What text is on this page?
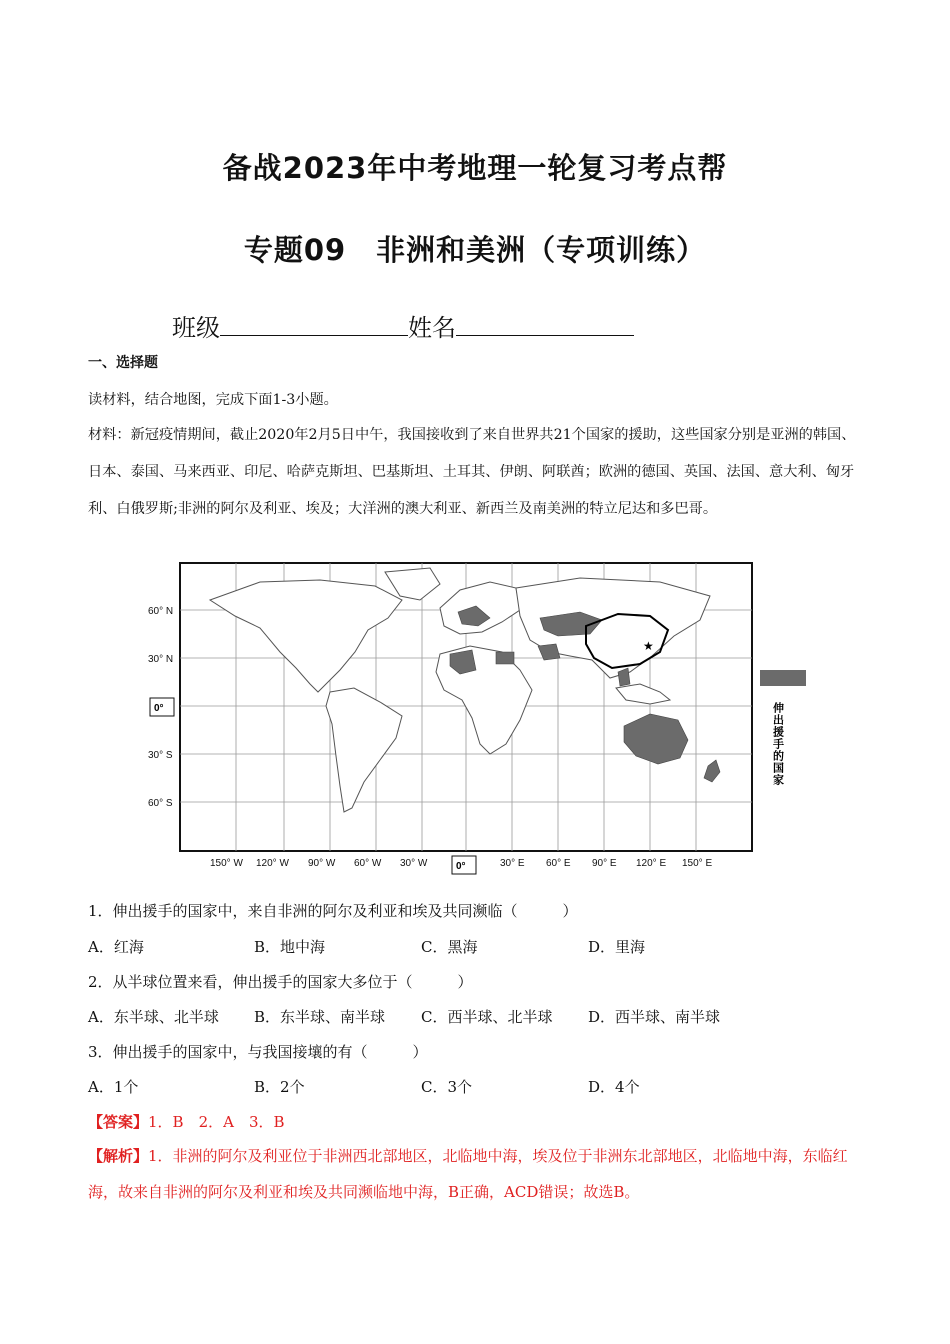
备战2023年中考地理一轮复习考点帮
专题09　非洲和美洲（专项训练）
班级	姓名
一、选择题
读材料，结合地图，完成下面1-3小题。
材料：新冠疫情期间，截止2020年2月5日中午，我国接收到了来自世界共21个国家的援助，这些国家分别是亚洲的韩国、日本、泰国、马来西亚、印尼、哈萨克斯坦、巴基斯坦、土耳其、伊朗、阿联酋；欧洲的德国、英国、法国、意大利、匈牙利、白俄罗斯;非洲的阿尔及利亚、埃及；大洋洲的澳大利亚、新西兰及南美洲的特立尼达和多巴哥。
★
60° N
30° N
30° S
60° S
0°
150° W 120° W 90° W 60° W 30° W	30° E 60° E 90° E 120° E 150° E
0°
伸出援手的国家
1．伸出援手的国家中，来自非洲的阿尔及利亚和埃及共同濒临（　　　）
A．红海	B．地中海	C．黑海	D．里海
2．从半球位置来看，伸出援手的国家大多位于（　　　）
A．东半球、北半球 B．东半球、南半球 C．西半球、北半球 D．西半球、南半球
3．伸出援手的国家中，与我国接壤的有（　　　）
A．1个	B．2个	C．3个	D．4个
【答案】1．B　2．A　3．B
【解析】1．非洲的阿尔及利亚位于非洲西北部地区，北临地中海，埃及位于非洲东北部地区，北临地中海，东临红海，故来自非洲的阿尔及利亚和埃及共同濒临地中海，B正确，ACD错误；故选B。
